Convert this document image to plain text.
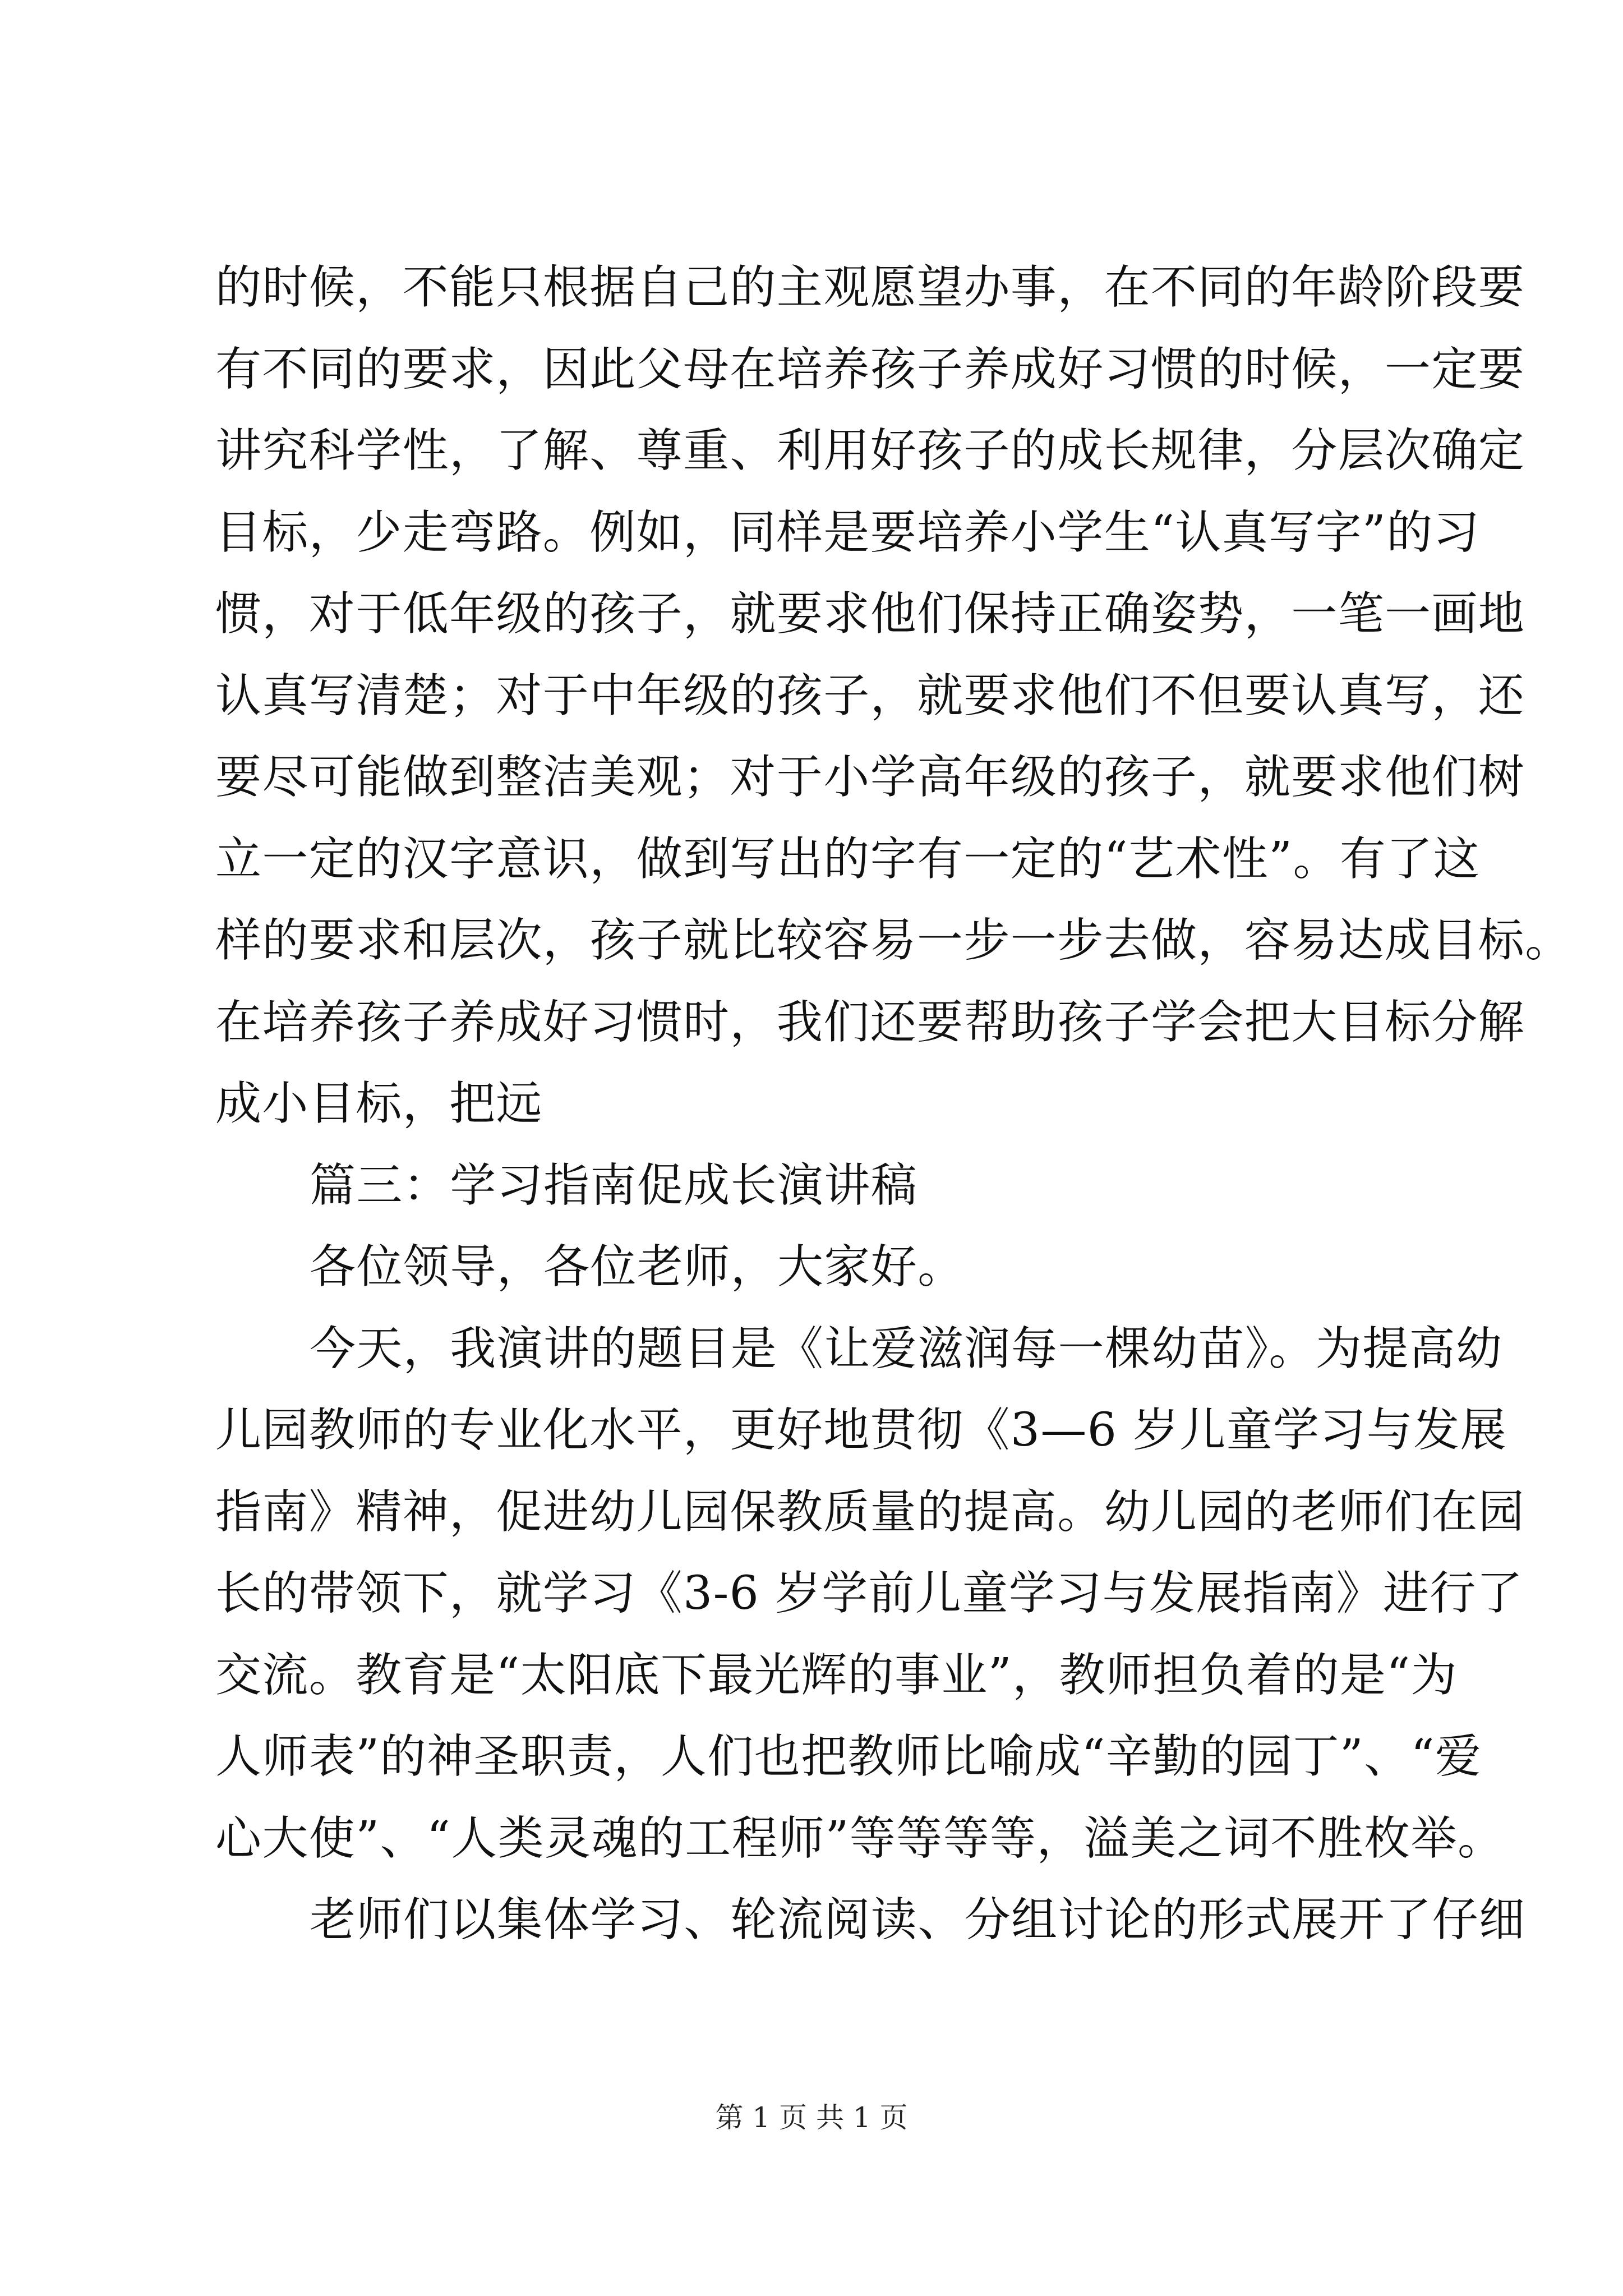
的时候，不能只根据自己的主观愿望办事，在不同的年龄阶段要
有不同的要求，因此父母在培养孩子养成好习惯的时候，一定要
讲究科学性，了解、尊重、利用好孩子的成长规律，分层次确定
目标，少走弯路。例如，同样是要培养小学生“认真写字”的习
惯，对于低年级的孩子，就要求他们保持正确姿势，一笔一画地
认真写清楚；对于中年级的孩子，就要求他们不但要认真写，还
要尽可能做到整洁美观；对于小学高年级的孩子，就要求他们树
立一定的汉字意识，做到写出的字有一定的“艺术性”。有了这
样的要求和层次，孩子就比较容易一步一步去做，容易达成目标。
在培养孩子养成好习惯时，我们还要帮助孩子学会把大目标分解
成小目标，把远
篇三：学习指南促成长演讲稿
各位领导，各位老师，大家好。
今天，我演讲的题目是《让爱滋润每一棵幼苗》。为提高幼
儿园教师的专业化水平，更好地贯彻《3—6 岁儿童学习与发展
指南》精神，促进幼儿园保教质量的提高。幼儿园的老师们在园
长的带领下，就学习《3-6 岁学前儿童学习与发展指南》进行了
交流。教育是“太阳底下最光辉的事业”，教师担负着的是“为
人师表”的神圣职责，人们也把教师比喻成“辛勤的园丁”、“爱
心大使”、“人类灵魂的工程师”等等等等，溢美之词不胜枚举。
老师们以集体学习、轮流阅读、分组讨论的形式展开了仔细
第 1 页 共 1 页
